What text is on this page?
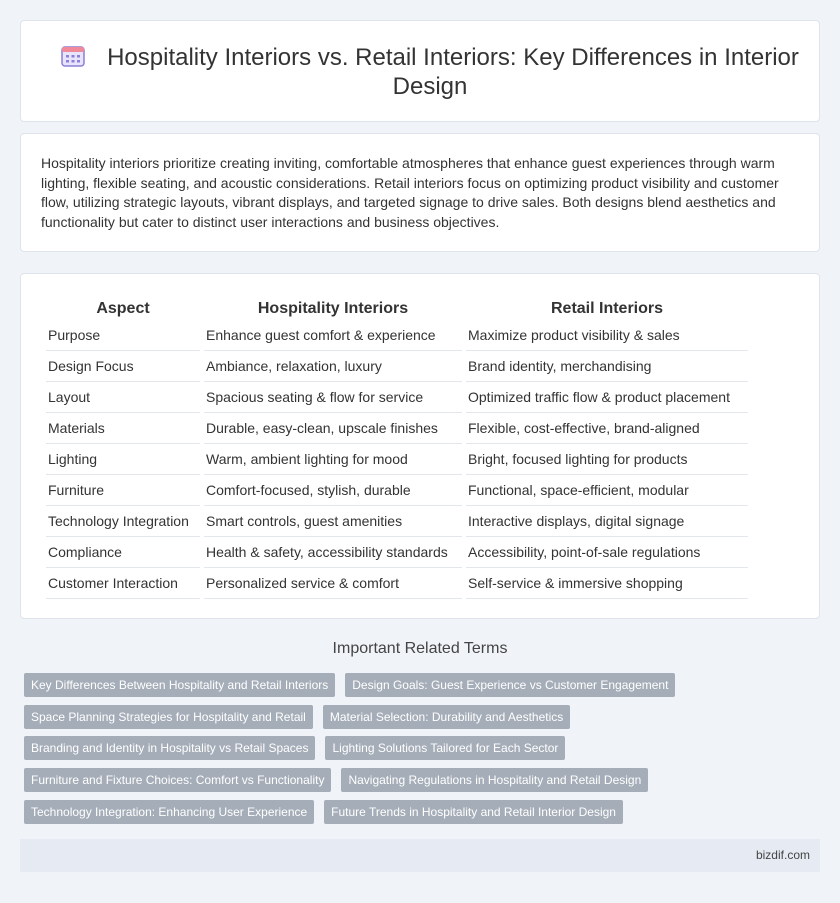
Hospitality Interiors vs. Retail Interiors: Key Differences in Interior Design

Hospitality interiors prioritize creating inviting, comfortable atmospheres that enhance guest experiences through warm lighting, flexible seating, and acoustic considerations. Retail interiors focus on optimizing product visibility and customer flow, utilizing strategic layouts, vibrant displays, and targeted signage to drive sales. Both designs blend aesthetics and functionality but cater to distinct user interactions and business objectives.

Aspect	Hospitality Interiors	Retail Interiors
Purpose	Enhance guest comfort & experience	Maximize product visibility & sales
Design Focus	Ambiance, relaxation, luxury	Brand identity, merchandising
Layout	Spacious seating & flow for service	Optimized traffic flow & product placement
Materials	Durable, easy-clean, upscale finishes	Flexible, cost-effective, brand-aligned
Lighting	Warm, ambient lighting for mood	Bright, focused lighting for products
Furniture	Comfort-focused, stylish, durable	Functional, space-efficient, modular
Technology Integration	Smart controls, guest amenities	Interactive displays, digital signage
Compliance	Health & safety, accessibility standards	Accessibility, point-of-sale regulations
Customer Interaction	Personalized service & comfort	Self-service & immersive shopping
Important Related Terms
Key Differences Between Hospitality and Retail Interiors Design Goals: Guest Experience vs Customer Engagement
Space Planning Strategies for Hospitality and Retail Material Selection: Durability and Aesthetics
Branding and Identity in Hospitality vs Retail Spaces Lighting Solutions Tailored for Each Sector
Furniture and Fixture Choices: Comfort vs Functionality Navigating Regulations in Hospitality and Retail Design
Technology Integration: Enhancing User Experience Future Trends in Hospitality and Retail Interior Design
bizdif.com
